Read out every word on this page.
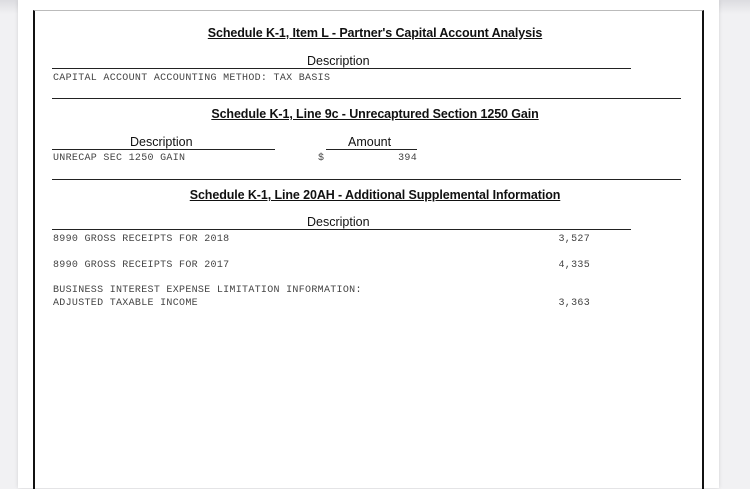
Schedule K-1, Item L - Partner's Capital Account Analysis
Description
CAPITAL ACCOUNT ACCOUNTING METHOD: TAX BASIS
Schedule K-1, Line 9c - Unrecaptured Section 1250 Gain
Description	Amount
UNRECAP SEC 1250 GAIN	$	394
Schedule K-1, Line 20AH - Additional Supplemental Information
Description
8990 GROSS RECEIPTS FOR 2018	3,527
8990 GROSS RECEIPTS FOR 2017	4,335
BUSINESS INTEREST EXPENSE LIMITATION INFORMATION:
ADJUSTED TAXABLE INCOME	3,363
